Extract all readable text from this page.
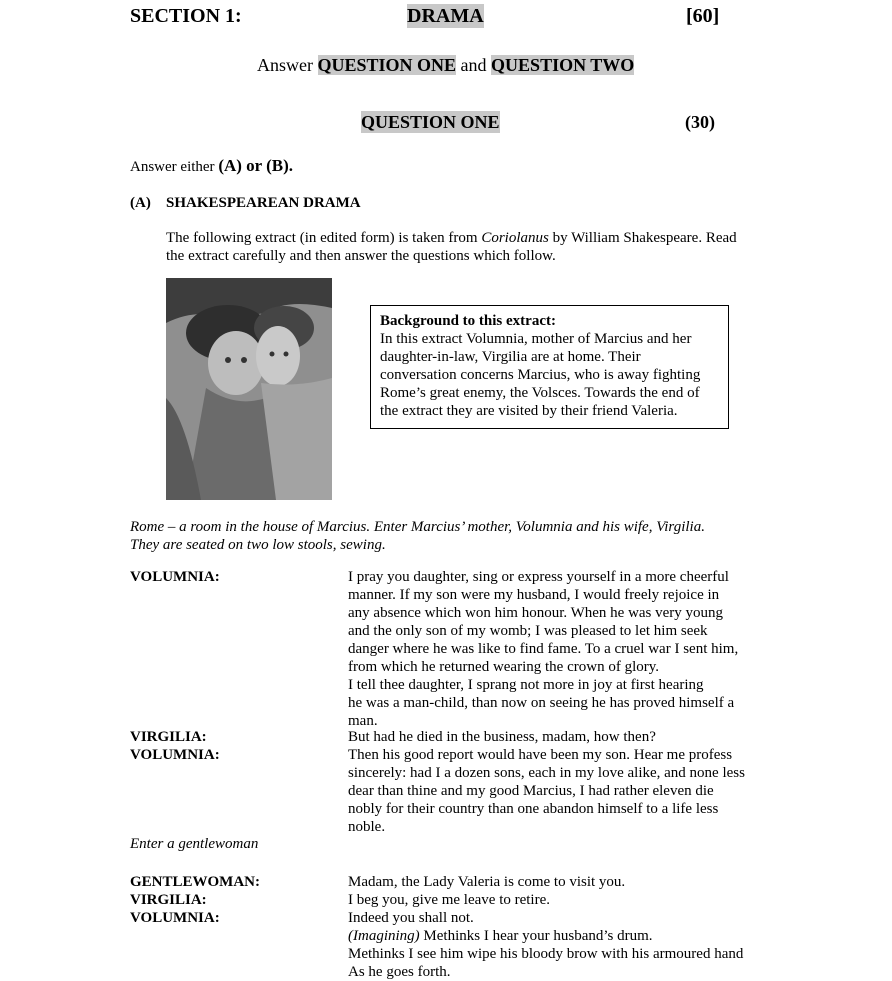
SECTION 1:	DRAMA	[60]
Answer QUESTION ONE and QUESTION TWO
QUESTION ONE	(30)
Answer either (A) or (B).
(A) SHAKESPEAREAN DRAMA
The following extract (in edited form) is taken from Coriolanus by William Shakespeare. Read
the extract carefully and then answer the questions which follow.
Background to this extract:
In this extract Volumnia, mother of Marcius and her
daughter-in-law, Virgilia are at home. Their
conversation concerns Marcius, who is away fighting
Rome’s great enemy, the Volsces. Towards the end of
the extract they are visited by their friend Valeria.
Rome – a room in the house of Marcius. Enter Marcius’ mother, Volumnia and his wife, Virgilia.
They are seated on two low stools, sewing.
VOLUMNIA:	I pray you daughter, sing or express yourself in a more cheerful
manner. If my son were my husband, I would freely rejoice in
any absence which won him honour. When he was very young
and the only son of my womb; I was pleased to let him seek
danger where he was like to find fame. To a cruel war I sent him,
from which he returned wearing the crown of glory.
I tell thee daughter, I sprang not more in joy at first hearing
he was a man-child, than now on seeing he has proved himself a
man.
VIRGILIA:	But had he died in the business, madam, how then?
VOLUMNIA:	Then his good report would have been my son. Hear me profess
sincerely: had I a dozen sons, each in my love alike, and none less
dear than thine and my good Marcius, I had rather eleven die
nobly for their country than one abandon himself to a life less
noble.
Enter a gentlewoman
GENTLEWOMAN:	Madam, the Lady Valeria is come to visit you.
VIRGILIA:	I beg you, give me leave to retire.
VOLUMNIA:	Indeed you shall not.
(Imagining) Methinks I hear your husband’s drum.
Methinks I see him wipe his bloody brow with his armoured hand
As he goes forth.
